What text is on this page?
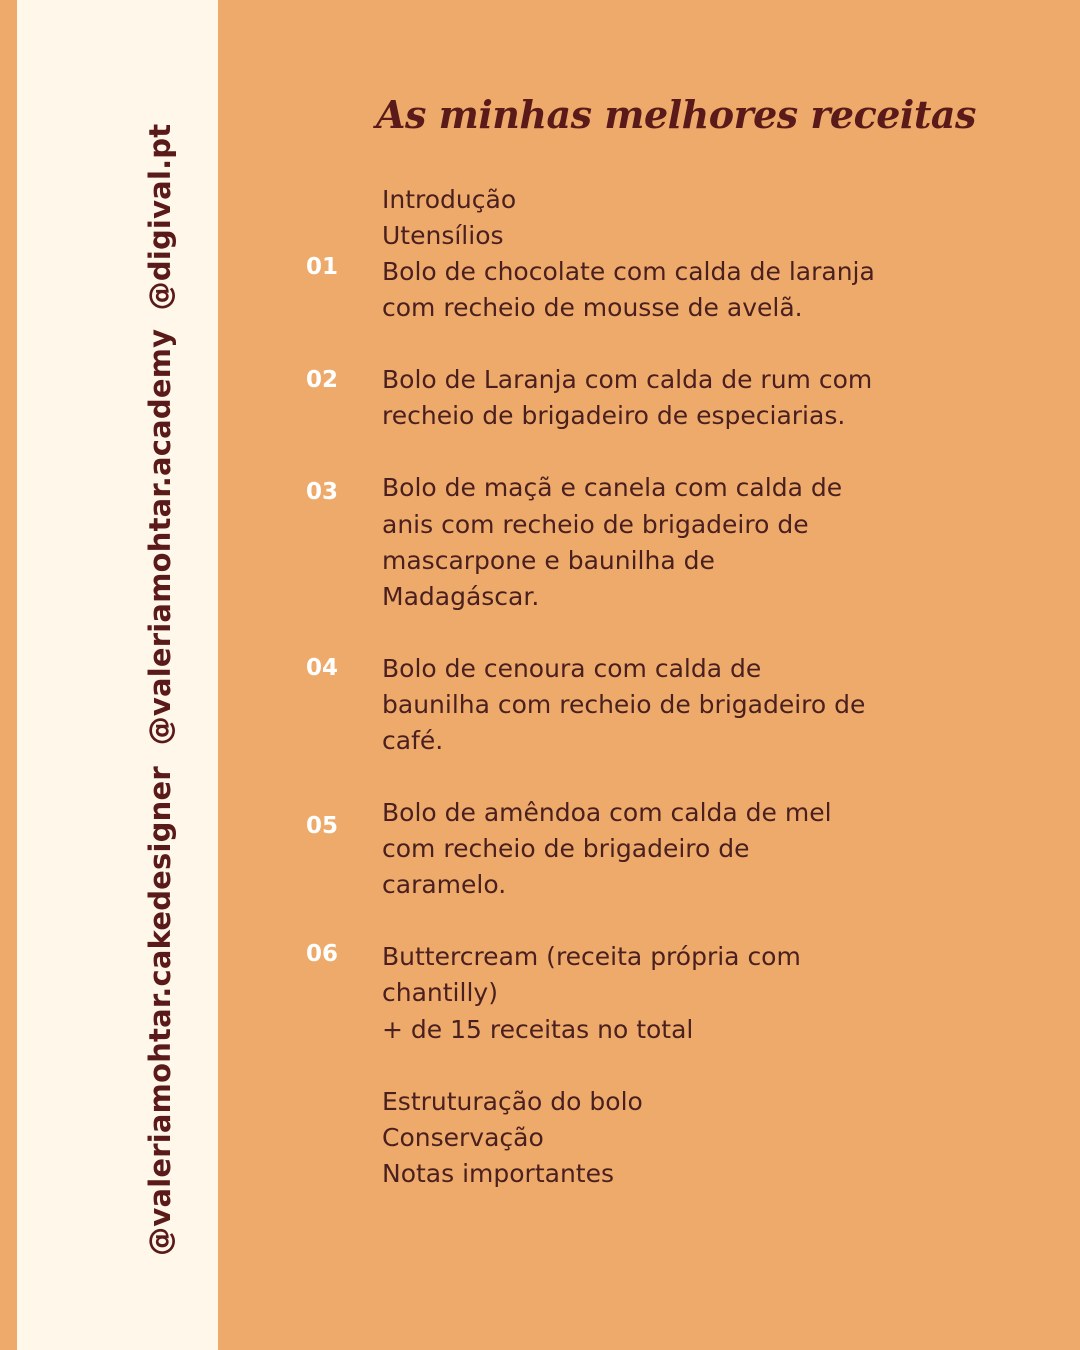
@valeriamohtar.cakedesigner
@valeriamohtar.academy
@digival.pt
As minhas melhores receitas

Introdução

Utensílios

Bolo de chocolate com calda de laranja

com recheio de mousse de avelã.

Bolo de Laranja com calda de rum com

recheio de brigadeiro de especiarias.

Bolo de maçã e canela com calda de

anis com recheio de brigadeiro de

mascarpone e baunilha de

Madagáscar.

Bolo de cenoura com calda de

baunilha com recheio de brigadeiro de

café.

Bolo de amêndoa com calda de mel

com recheio de brigadeiro de

caramelo.

Buttercream (receita própria com

chantilly)

+ de 15 receitas no total

Estruturação do bolo

Conservação

Notas importantes

01

02

03

04

05

06
